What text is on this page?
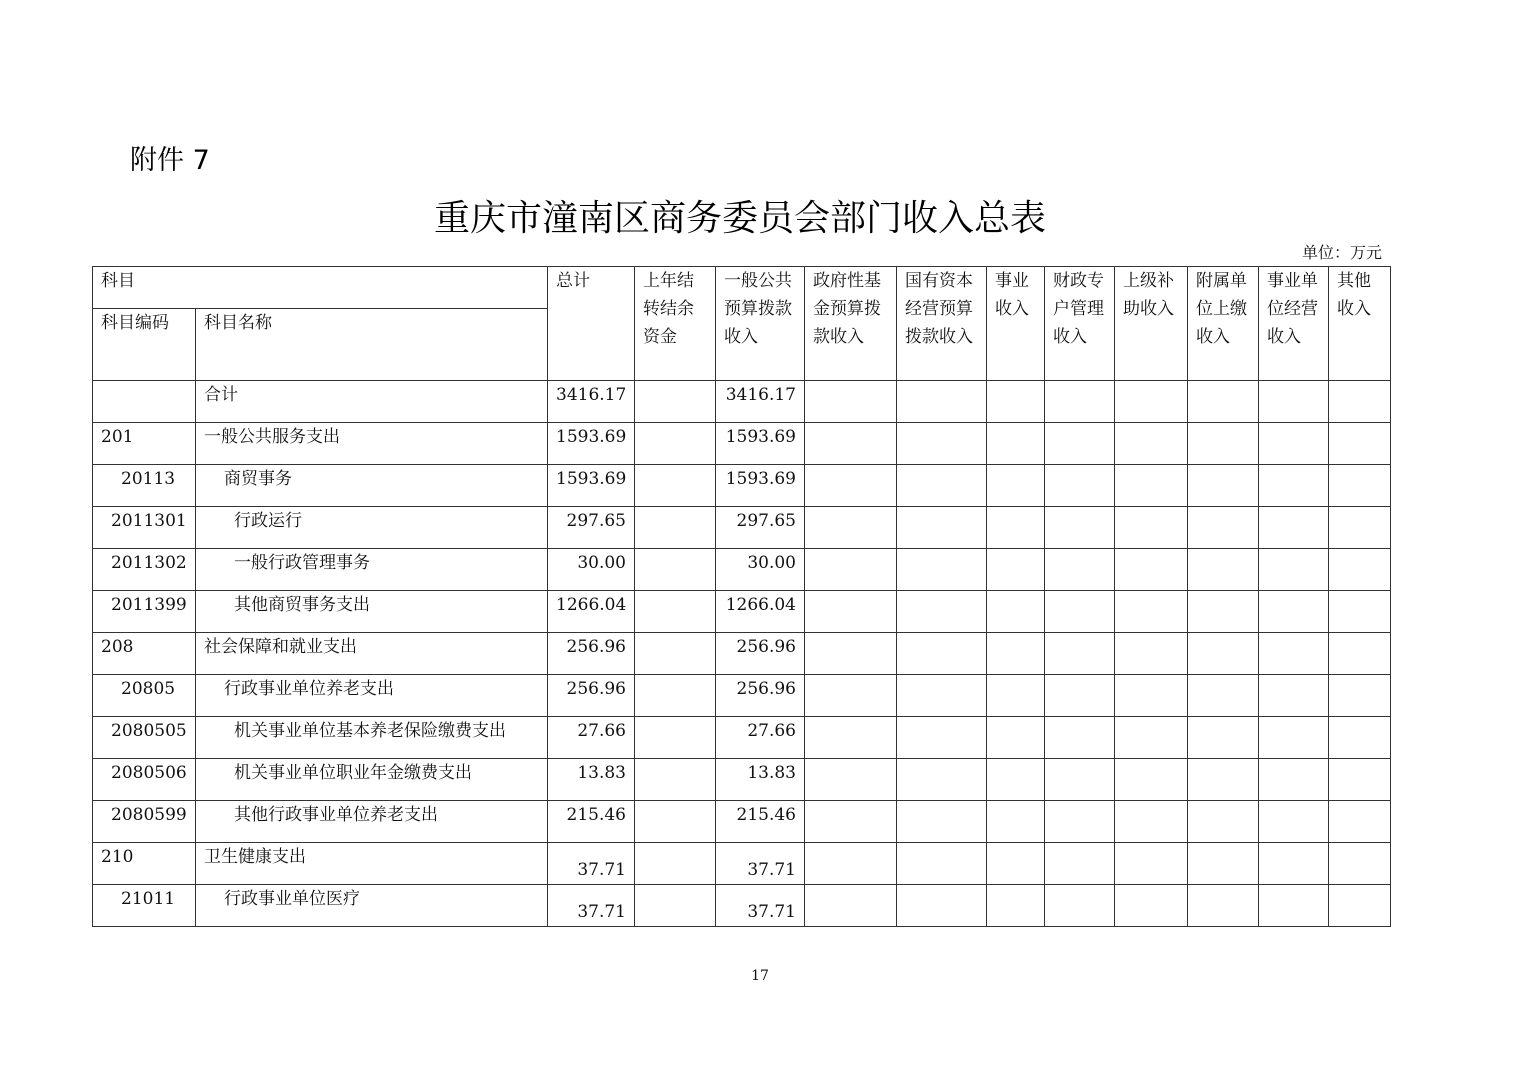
附件 7
重庆市潼南区商务委员会部门收入总表
单位：万元
科目		总计	上年结转结余资金	一般公共预算拨款收入	政府性基金预算拨款收入	国有资本经营预算拨款收入	事业收入	财政专户管理收入	上级补助收入	附属单位上缴收入	事业单位经营收入	其他收入
科目编码	科目名称											
	合计	3416.17		3416.17								
201	一般公共服务支出	1593.69		1593.69								
20113	商贸事务	1593.69		1593.69								
2011301	行政运行	297.65		297.65								
2011302	一般行政管理事务	30.00		30.00								
2011399	其他商贸事务支出	1266.04		1266.04								
208	社会保障和就业支出	256.96		256.96								
20805	行政事业单位养老支出	256.96		256.96								
2080505	机关事业单位基本养老保险缴费支出	27.66		27.66								
2080506	机关事业单位职业年金缴费支出	13.83		13.83								
2080599	其他行政事业单位养老支出	215.46		215.46								
210	卫生健康支出	37.71		37.71								
21011	行政事业单位医疗	37.71		37.71								
17
